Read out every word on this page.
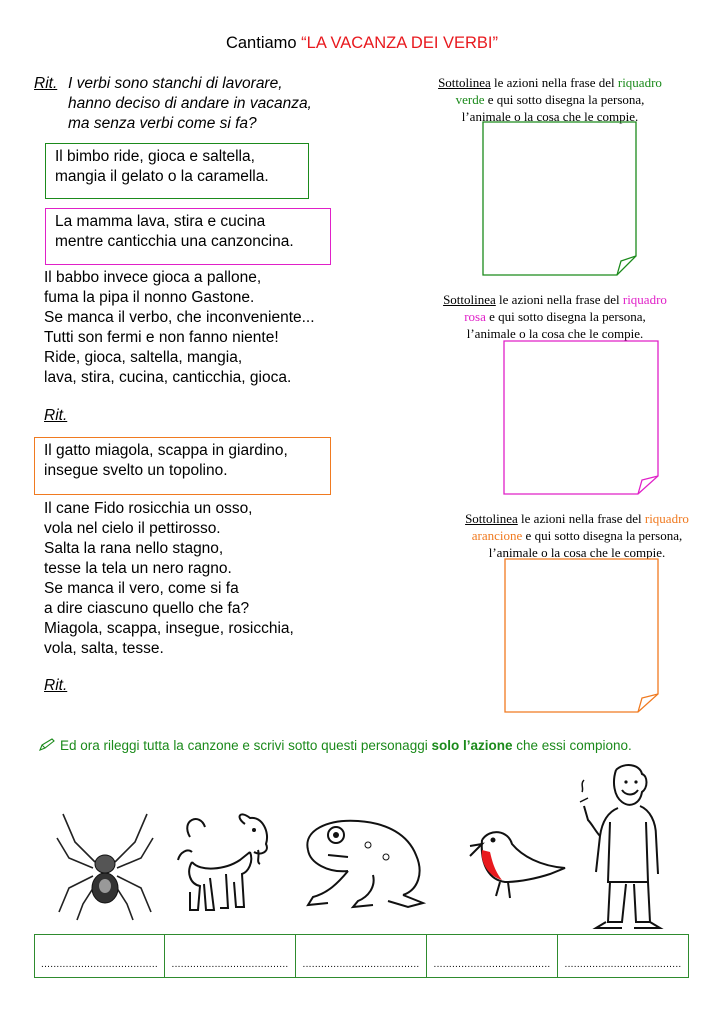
Cantiamo “LA VACANZA DEI VERBI”
Rit. I verbi sono stanchi di lavorare,
hanno deciso di andare in vacanza,
ma senza verbi come si fa?
Il bimbo ride, gioca e saltella,
mangia il gelato o la caramella.
La mamma lava, stira e cucina
mentre canticchia una canzoncina.
Il babbo invece gioca a pallone,
fuma la pipa il nonno Gastone.
Se manca il verbo, che inconveniente...
Tutti son fermi e non fanno niente!
Ride, gioca, saltella, mangia,
lava, stira, cucina, canticchia, gioca.
Rit.
Il gatto miagola, scappa in giardino,
insegue svelto un topolino.
Il cane Fido rosicchia un osso,
vola nel cielo il pettirosso.
Salta la rana nello stagno,
tesse la tela un nero ragno.
Se manca il vero, come si fa
a dire ciascuno quello che fa?
Miagola, scappa, insegue, rosicchia,
vola, salta, tesse.
Rit.
Sottolinea le azioni nella frase del riquadro
verde e qui sotto disegna la persona,
l’animale o la cosa che le compie.
Sottolinea le azioni nella frase del riquadro
rosa e qui sotto disegna la persona,
l’animale o la cosa che le compie.
Sottolinea le azioni nella frase del riquadro
arancione e qui sotto disegna la persona,
l’animale o la cosa che le compie.
Ed ora rileggi tutta la canzone e scrivi sotto questi personaggi solo l’azione che essi compiono.
......................................	......................................	......................................	......................................	......................................
